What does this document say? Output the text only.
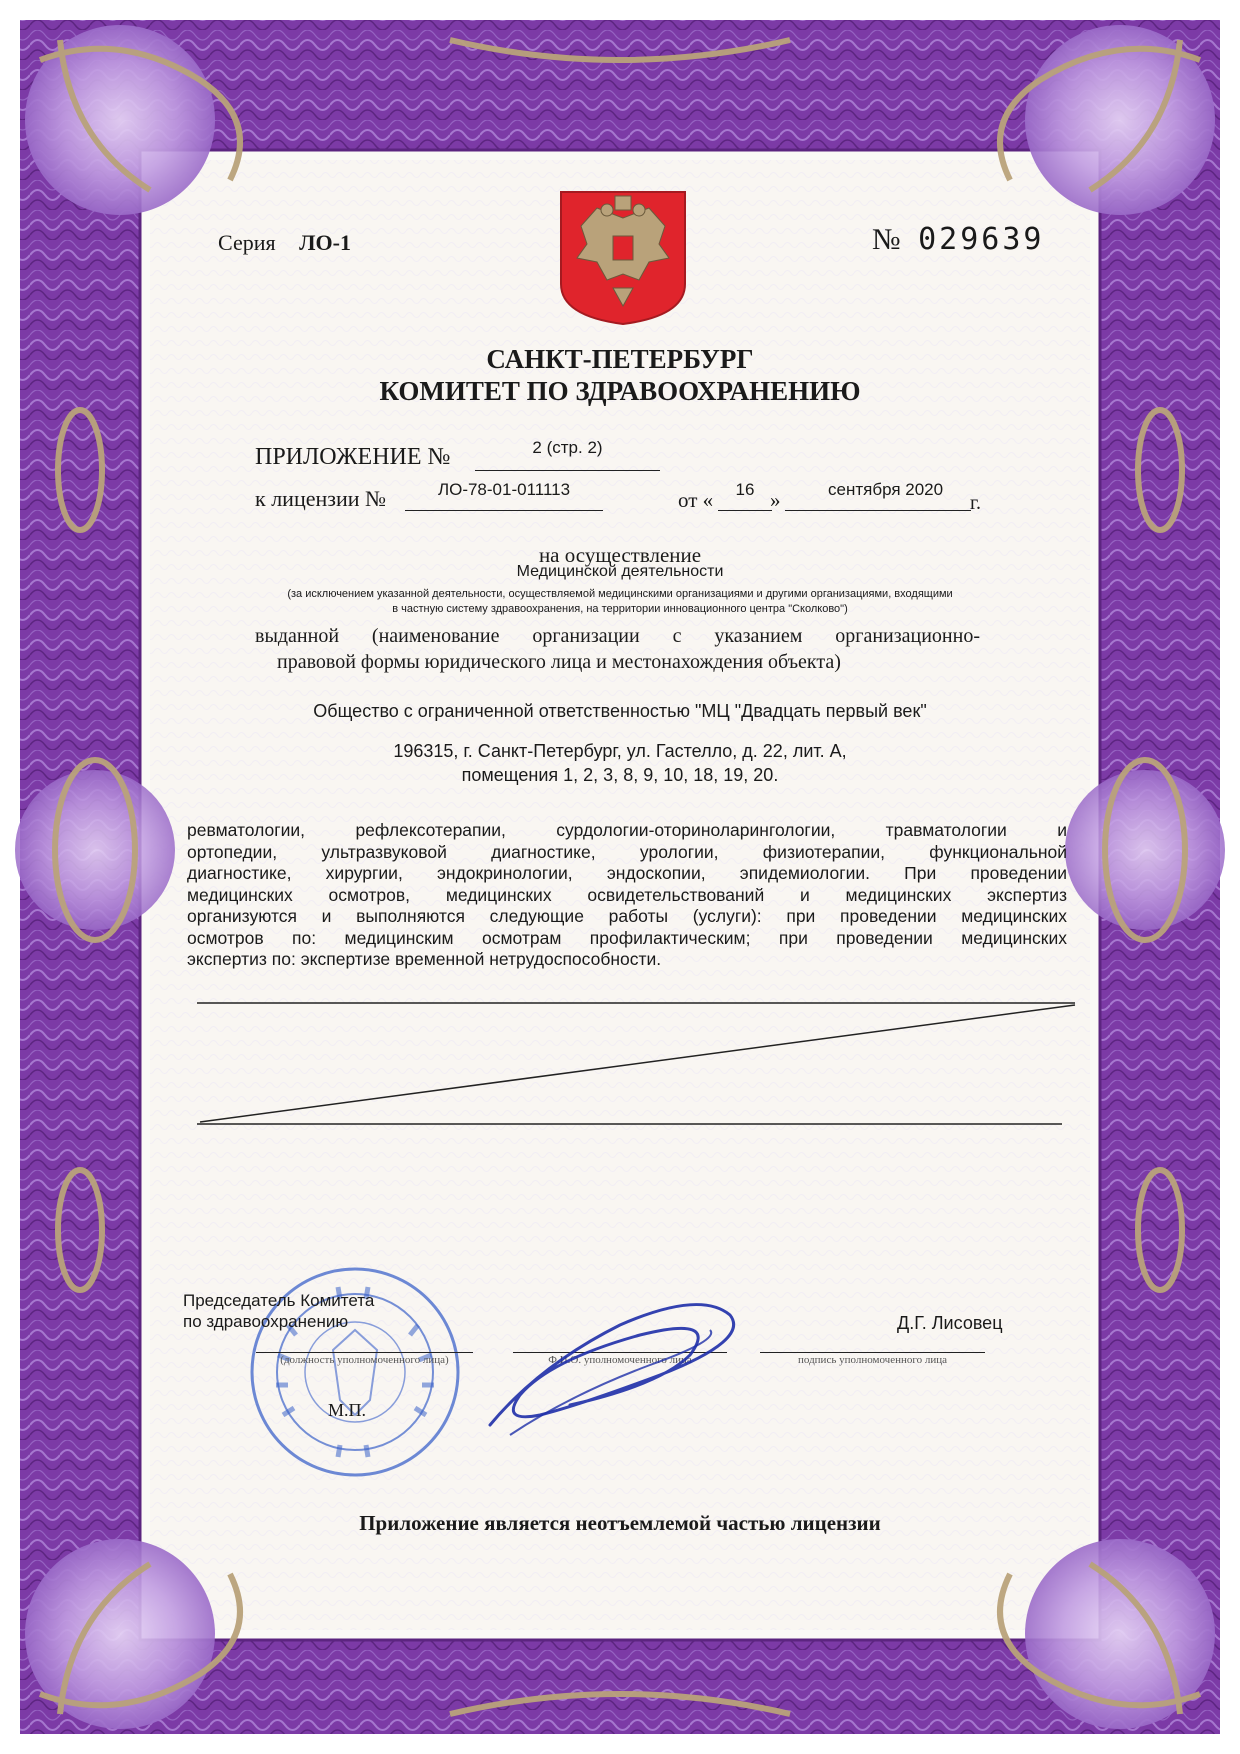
Серия ЛО-1	№ 029639
САНКТ-ПЕТЕРБУРГ
КОМИТЕТ ПО ЗДРАВООХРАНЕНИЮ
ПРИЛОЖЕНИЕ №	2 (стр. 2)
к лицензии №	ЛО-78-01-011113	от «	16 »	сентября 2020
г.
на осуществление
Медицинской деятельности
(за исключением указанной деятельности, осуществляемой медицинскими организациями и другими организациями, входящими
в частную систему здравоохранения, на территории инновационного центра "Сколково")
выданной (наименование организации с указанием организационно-
правовой формы юридического лица и местонахождения объекта)
Общество с ограниченной ответственностью "МЦ "Двадцать первый век"
196315, г. Санкт-Петербург, ул. Гастелло, д. 22, лит. А,
помещения 1, 2, 3, 8, 9, 10, 18, 19, 20.
ревматологии, рефлексотерапии, сурдологии-оториноларингологии, травматологии и
ортопедии, ультразвуковой диагностике, урологии, физиотерапии, функциональной
диагностике, хирургии, эндокринологии, эндоскопии, эпидемиологии. При проведении
медицинских осмотров, медицинских освидетельствований и медицинских экспертиз
организуются и выполняются следующие работы (услуги): при проведении медицинских
осмотров по: медицинским осмотрам профилактическим; при проведении медицинских
экспертиз по: экспертизе временной нетрудоспособности.
Председатель Комитета
по здравоохранению	Д.Г. Лисовец
(должность уполномоченного лица)	Ф.И.О. уполномоченного лица	подпись уполномоченного лица
М.П.
Приложение является неотъемлемой частью лицензии
